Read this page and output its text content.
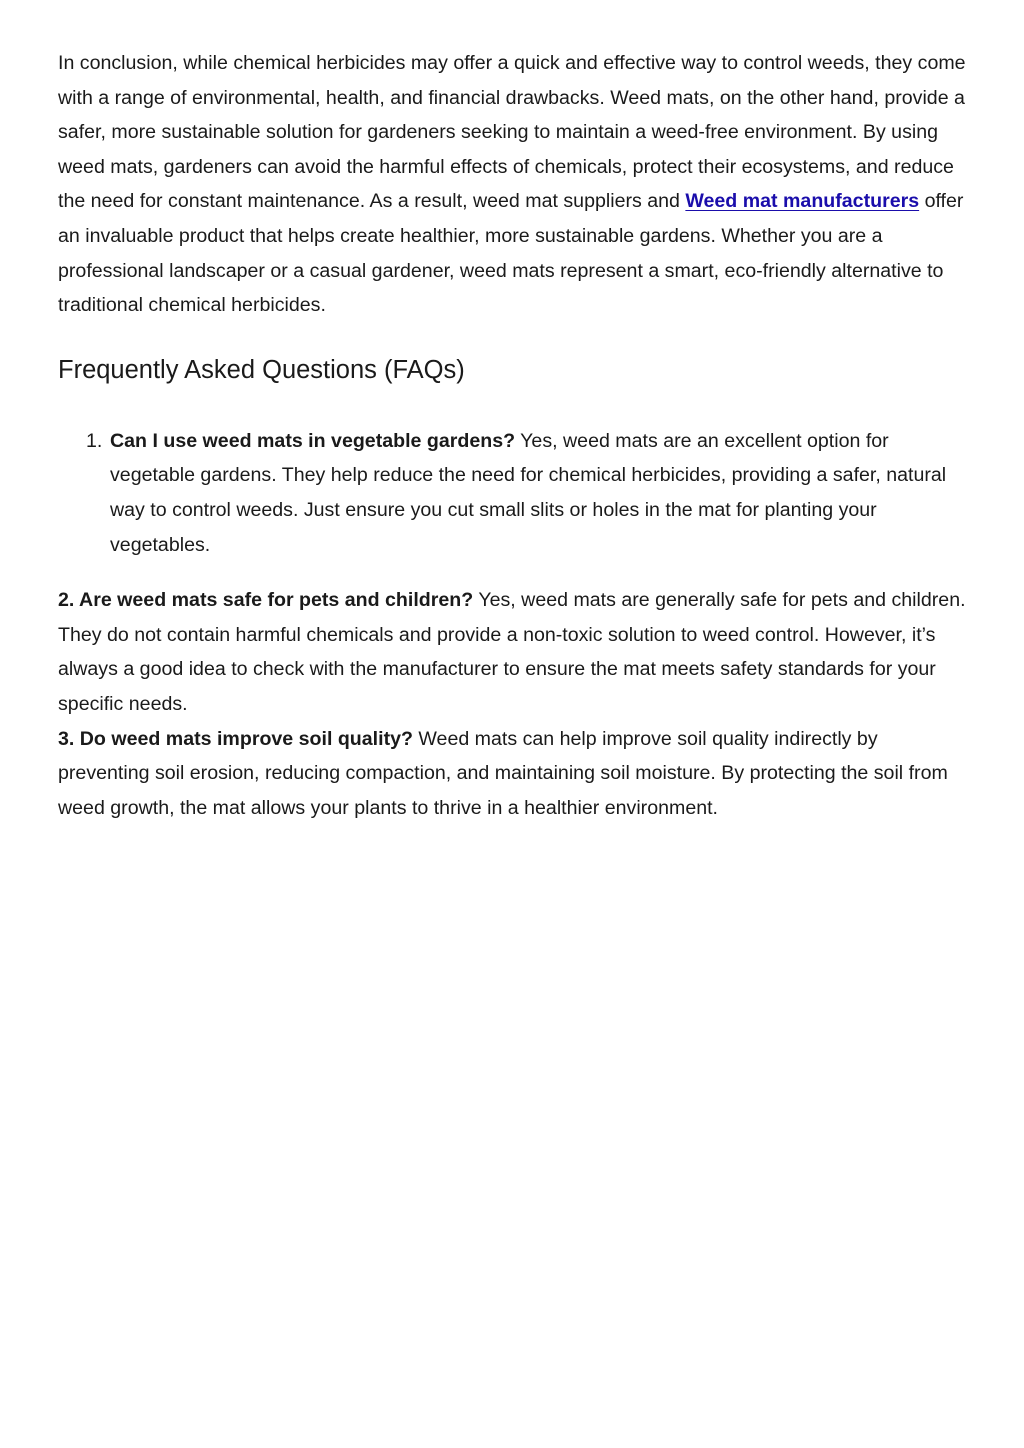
In conclusion, while chemical herbicides may offer a quick and effective way to control weeds, they come with a range of environmental, health, and financial drawbacks. Weed mats, on the other hand, provide a safer, more sustainable solution for gardeners seeking to maintain a weed-free environment. By using weed mats, gardeners can avoid the harmful effects of chemicals, protect their ecosystems, and reduce the need for constant maintenance. As a result, weed mat suppliers and Weed mat manufacturers offer an invaluable product that helps create healthier, more sustainable gardens. Whether you are a professional landscaper or a casual gardener, weed mats represent a smart, eco-friendly alternative to traditional chemical herbicides.

Frequently Asked Questions (FAQs)
1. Can I use weed mats in vegetable gardens? Yes, weed mats are an excellent option for vegetable gardens. They help reduce the need for chemical herbicides, providing a safer, natural way to control weeds. Just ensure you cut small slits or holes in the mat for planting your vegetables.

2. Are weed mats safe for pets and children? Yes, weed mats are generally safe for pets and children. They do not contain harmful chemicals and provide a non-toxic solution to weed control. However, it’s always a good idea to check with the manufacturer to ensure the mat meets safety standards for your specific needs.

3. Do weed mats improve soil quality? Weed mats can help improve soil quality indirectly by preventing soil erosion, reducing compaction, and maintaining soil moisture. By protecting the soil from weed growth, the mat allows your plants to thrive in a healthier environment.
